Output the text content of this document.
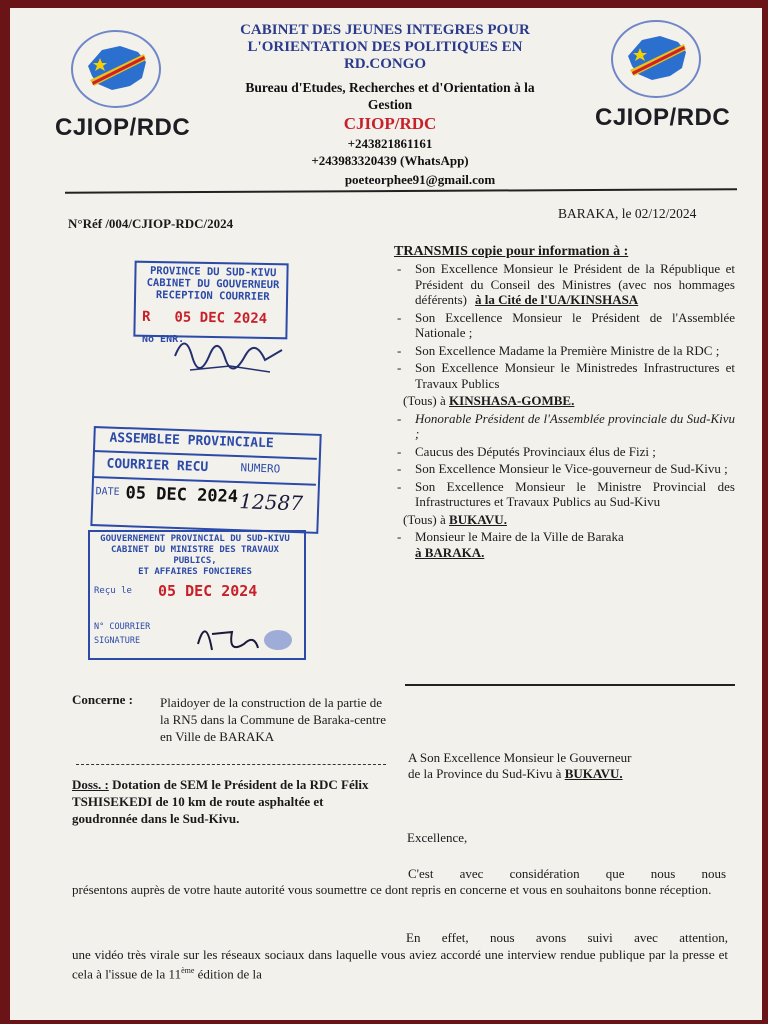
CJIOP/RDC	CJIOP/RDC
CABINET DES JEUNES INTEGRES POUR
L'ORIENTATION DES POLITIQUES EN
RD.CONGO
Bureau d'Etudes, Recherches et d'Orientation à la
Gestion
CJIOP/RDC
+243821861161
+243983320439 (WhatsApp)
poeteorphee91@gmail.com
N°Réf /004/CJIOP-RDC/2024
BARAKA, le 02/12/2024
TRANSMIS copie pour information à :
- Son Excellence Monsieur le Président de la République et Président du Conseil des Ministres (avec nos hommages déférents) à la Cité de l'UA/KINSHASA
- Son Excellence Monsieur le Président de l'Assemblée Nationale ;
- Son Excellence Madame la Première Ministre de la RDC ;
- Son Excellence Monsieur le Ministredes Infrastructures et Travaux Publics
(Tous) à KINSHASA-GOMBE.
- Honorable Président de l'Assemblée provinciale du Sud-Kivu ;
- Caucus des Députés Provinciaux élus de Fizi ;
- Son Excellence Monsieur le Vice-gouverneur de Sud-Kivu ;
- Son Excellence Monsieur le Ministre Provincial des Infrastructures et Travaux Publics au Sud-Kivu
(Tous) à BUKAVU.
- Monsieur le Maire de la Ville de Baraka
à BARAKA.
PROVINCE DU SUD-KIVU
CABINET DU GOUVERNEUR
RECEPTION COURRIER
R 05 DEC 2024
No ENR.
ASSEMBLEE PROVINCIALE
COURRIER RECU	NUMERO
DATE 05 DEC 2024 12587
GOUVERNEMENT PROVINCIAL DU SUD-KIVU
CABINET DU MINISTRE DES TRAVAUX PUBLICS,
ET AFFAIRES FONCIERES
Reçu le 05 DEC 2024
N° COURRIER
SIGNATURE
Concerne : Plaidoyer de la construction de la partie de la RN5 dans la Commune de Baraka-centre en Ville de BARAKA
Doss. : Dotation de SEM le Président de la RDC Félix TSHISEKEDI de 10 km de route asphaltée et goudronnée dans le Sud-Kivu.
A Son Excellence Monsieur le Gouverneur
de la Province du Sud-Kivu à BUKAVU.
Excellence,
C'est avec considération que nous nous
présentons auprès de votre haute autorité vous soumettre ce dont repris en concerne et vous en souhaitons bonne réception.
En effet, nous avons suivi avec attention,
une vidéo très virale sur les réseaux sociaux dans laquelle vous aviez accordé une interview rendue publique par la presse et cela à l'issue de la 11ème édition de la
